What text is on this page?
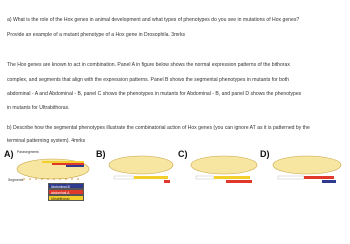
a) What is the role of the Hox genes in animal development and what types of phenotypes do you see in mutations of Hox genes?
Provide an example of a mutant phenotype of a Hox gene in Drosophila. 3mrks
The Hox genes are known to act in combination. Panel A in figure below shows the normal expression patterns of the bithorax
complex, and segments that align with the expression patterns. Panel B shows the segmental phenotypes in mutants for both
abdominal - A and Abdominal - B, panel C shows the phenotypes in mutants for Abdominal - B, and panel D shows the phenotypes
in mutants for Ultrabithorax.
b) Describe how the segmental phenotypes illustrate the combinatorial action of Hox genes (you can ignore AT as it is patterned by the
terminal patterning system). 4mrks
A) Parasegments
Segments
Abdominal-B
abdominal-A
Ultrabithorax
B)	C)	D)
